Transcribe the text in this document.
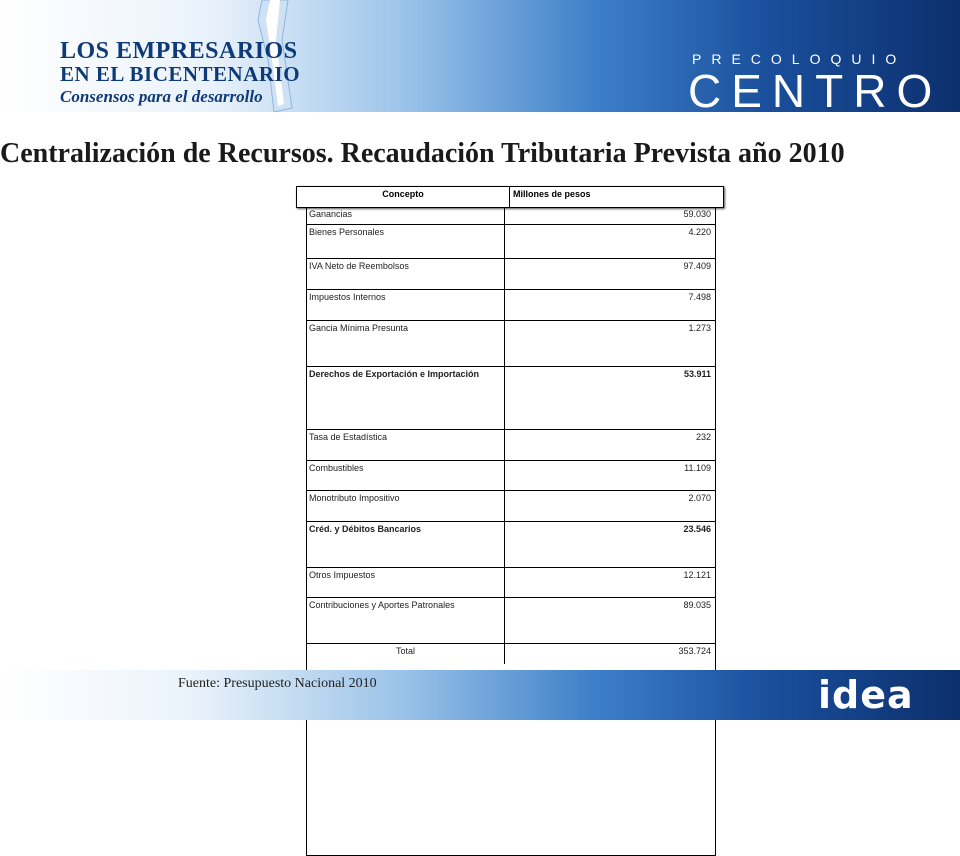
LOS EMPRESARIOS
EN EL BICENTENARIO
Consensos para el desarrollo
PRECOLOQUIO
CENTRO
Centralización de Recursos. Recaudación Tributaria Prevista año 2010
Concepto	Millones de pesos
Ganancias	59.030
Bienes Personales	4.220
IVA Neto de Reembolsos	97.409
Impuestos Internos	7.498
Gancia Mínima Presunta	1.273
Derechos de Exportación e Importación	53.911
Tasa de Estadística	232
Combustibles	11.109
Monotributo Impositivo	2.070
Créd. y Débitos Bancarios	23.546
Otros Impuestos	12.121
Contribuciones y Aportes Patronales	89.035
Total	353.724
Fuente: Presupuesto Nacional 2010	idea
